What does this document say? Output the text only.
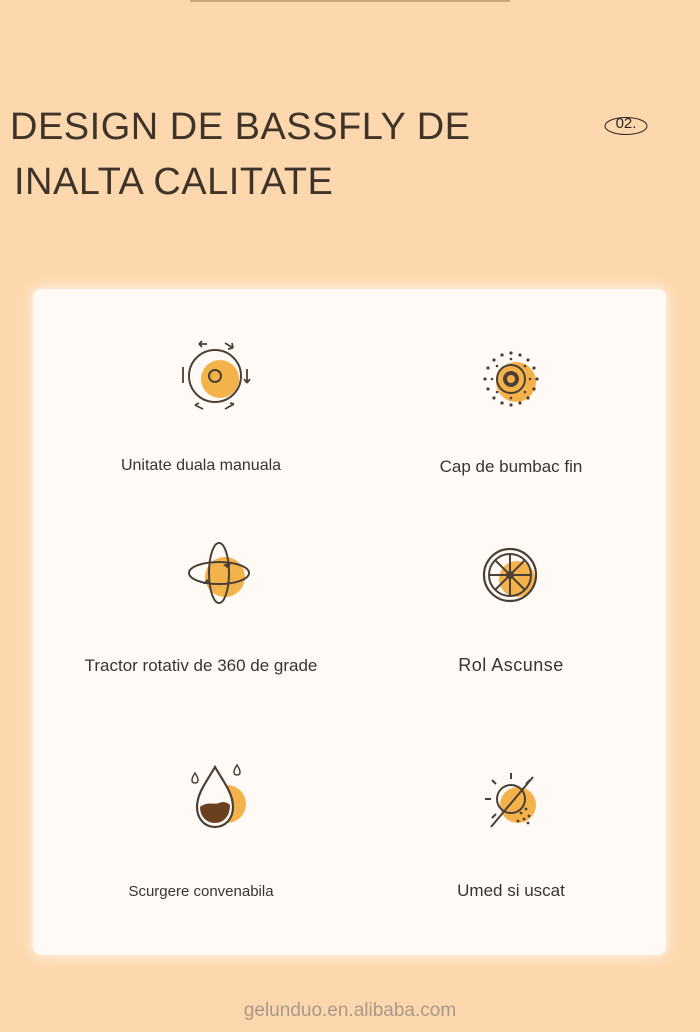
DESIGN DE BASSFLY DE
INALTA CALITATE
02.
Unitate duala manuala	Cap de bumbac fin
Tractor rotativ de 360 de grade	Rol Ascunse
Scurgere convenabila	Umed si uscat
gelunduo.en.alibaba.com
